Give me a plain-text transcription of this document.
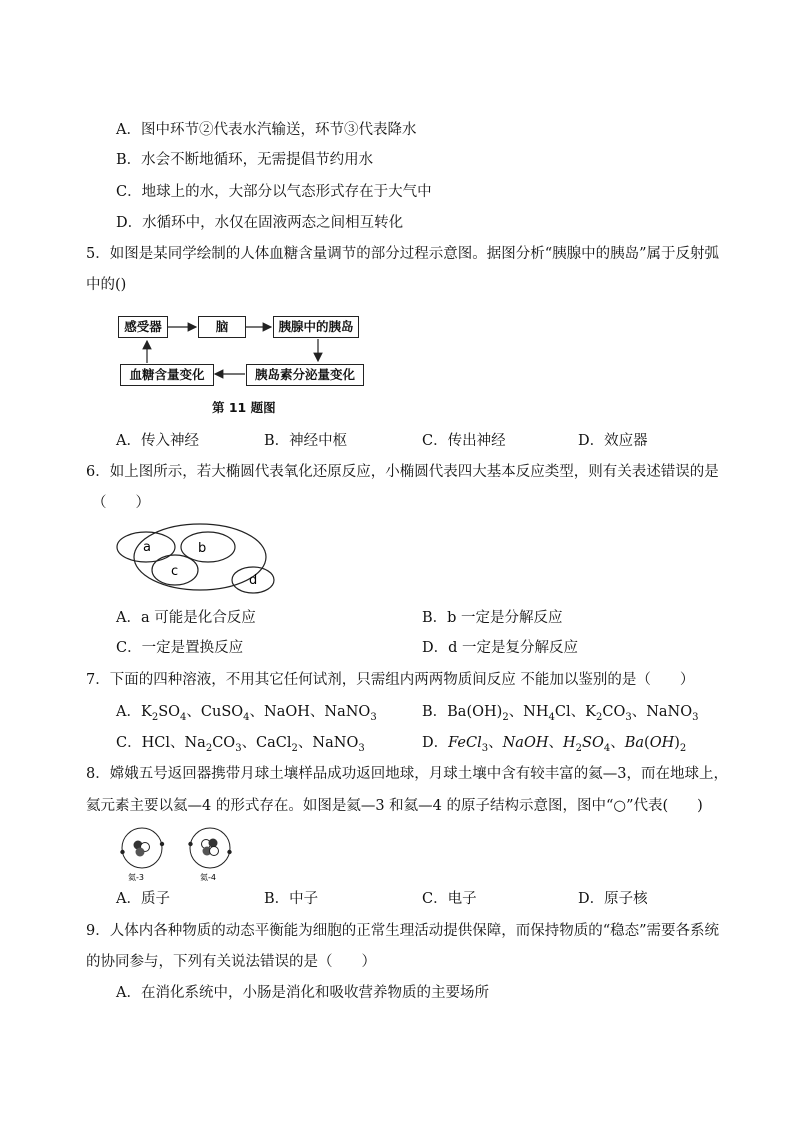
A．图中环节②代表水汽输送，环节③代表降水
B．水会不断地循环，无需提倡节约用水
C．地球上的水，大部分以气态形式存在于大气中
D．水循环中，水仅在固液两态之间相互转化
5．如图是某同学绘制的人体血糖含量调节的部分过程示意图。据图分析“胰腺中的胰岛”属于反射弧
中的()
感受器	脑	胰腺中的胰岛
血糖含量变化	胰岛素分泌量变化
第 11 题图
A．传入神经	B．神经中枢	C．传出神经	D．效应器
6．如上图所示，若大椭圆代表氧化还原反应，小椭圆代表四大基本反应类型，则有关表述错误的是
（　　）
a	b
c
d
A．a 可能是化合反应	B．b 一定是分解反应
C．一定是置换反应	D．d 一定是复分解反应
7．下面的四种溶液，不用其它任何试剂，只需组内两两物质间反应 不能加以鉴别的是（　　）
A．$K_2SO_4$、CuSO$_4$、NaOH、NaNO$_3$	B．$Ba(OH)_2$、$NH_4Cl$、$K_2CO_3$、NaNO$_3$
C．HCl、$Na_2CO_3$、CaCl$_2$、NaNO$_3$	D．FeCl$_3$、NaOH、$H_2SO_4$、$Ba(OH)_2$
8．嫦娥五号返回器携带月球土壤样品成功返回地球，月球土壤中含有较丰富的氦—3，而在地球上，
氦元素主要以氦—4 的形式存在。如图是氦—3 和氦—4 的原子结构示意图，图中“○”代表(　　)
氦-3	氦-4
A．质子	B．中子	C．电子	D．原子核
9．人体内各种物质的动态平衡能为细胞的正常生理活动提供保障，而保持物质的“稳态”需要各系统
的协同参与，下列有关说法错误的是（　　）
A．在消化系统中，小肠是消化和吸收营养物质的主要场所
